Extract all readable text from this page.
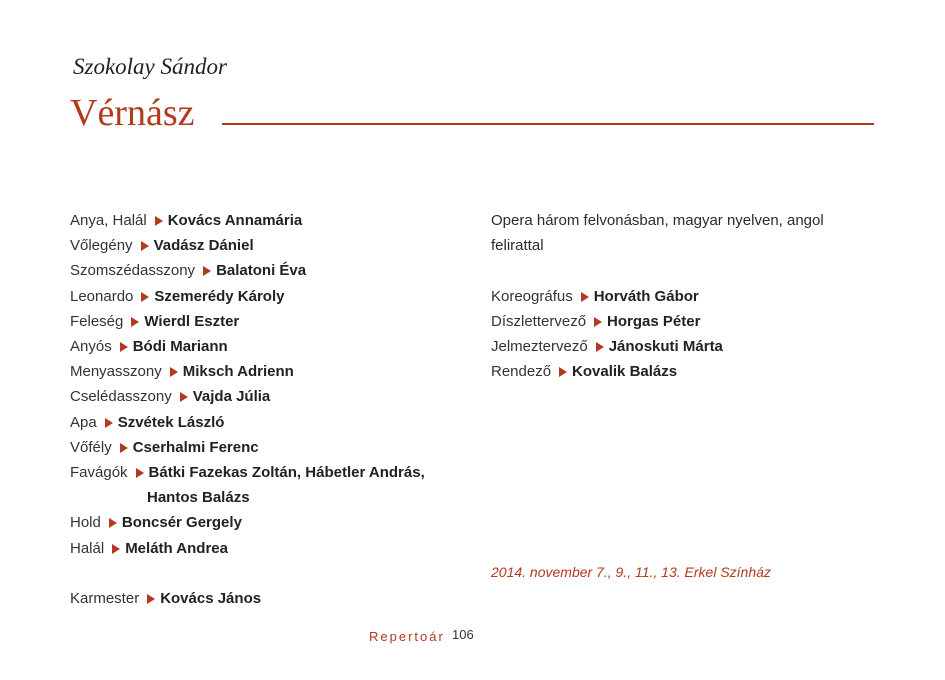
Szokolay Sándor

Vérnász
Anya, Halál Kovács Annamária
Vőlegény Vadász Dániel
Szomszédasszony Balatoni Éva
Leonardo Szemerédy Károly
Feleség Wierdl Eszter
Anyós Bódi Mariann
Menyasszony Miksch Adrienn
Cselédasszony Vajda Júlia
Apa Szvétek László
Vőfély Cserhalmi Ferenc
Favágók Bátki Fazekas Zoltán, Hábetler András,
Hantos Balázs
Hold Boncsér Gergely
Halál Meláth Andrea
Karmester Kovács János
Opera három felvonásban, magyar nyelven, angol
felirattal
Koreográfus Horváth Gábor
Díszlettervező Horgas Péter
Jelmeztervező Jánoskuti Márta
Rendező Kovalik Balázs
2014. november 7., 9., 11., 13. Erkel Színház
Repertoár 106
